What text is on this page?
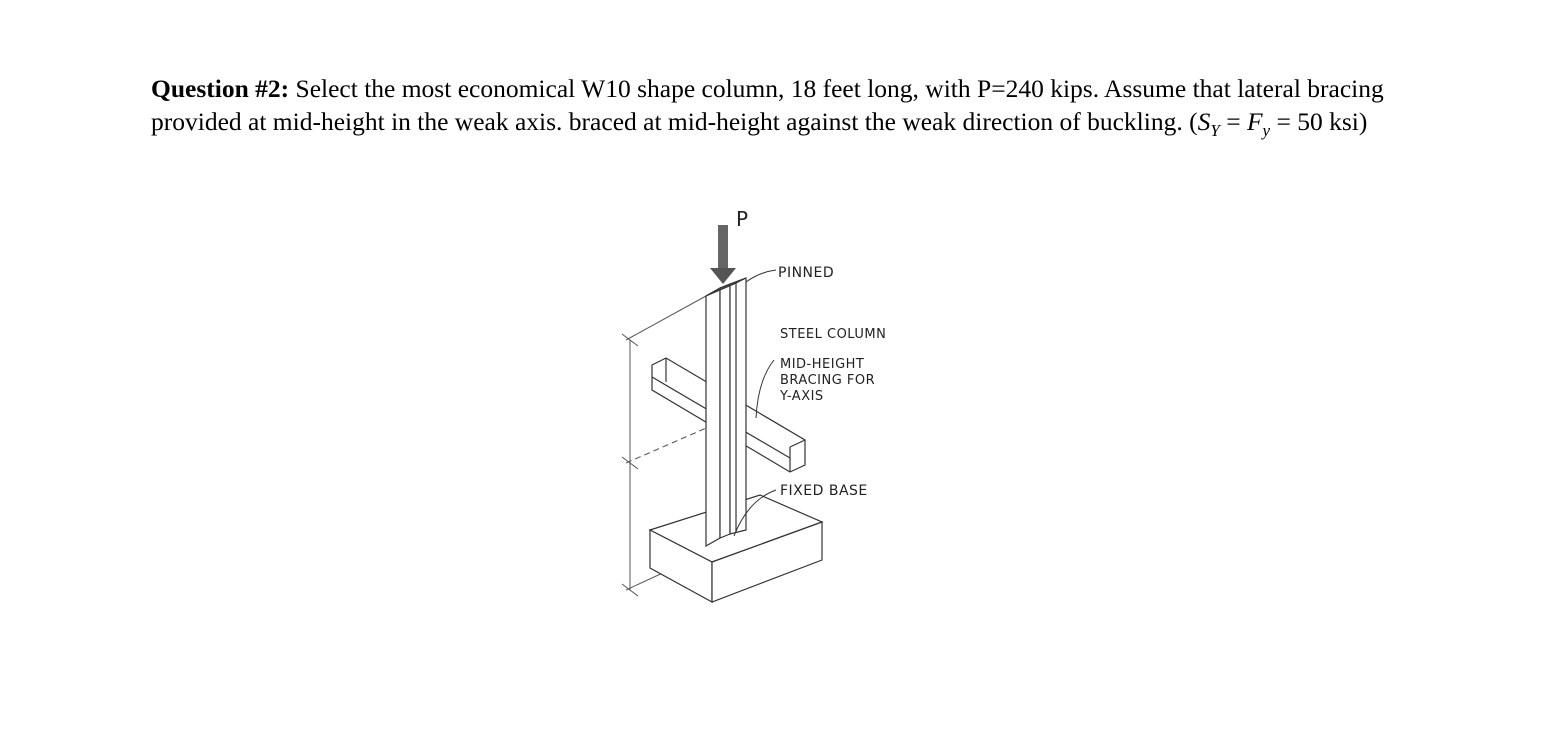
Question #2: Select the most economical W10 shape column, 18 feet long, with P=240 kips. Assume that lateral bracing provided at mid-height in the weak axis. braced at mid-height against the weak direction of buckling. ($S_Y = F_y = 50$ ksi)

P
PINNED
STEEL COLUMN
MID-HEIGHT
BRACING FOR
Y-AXIS
FIXED BASE
